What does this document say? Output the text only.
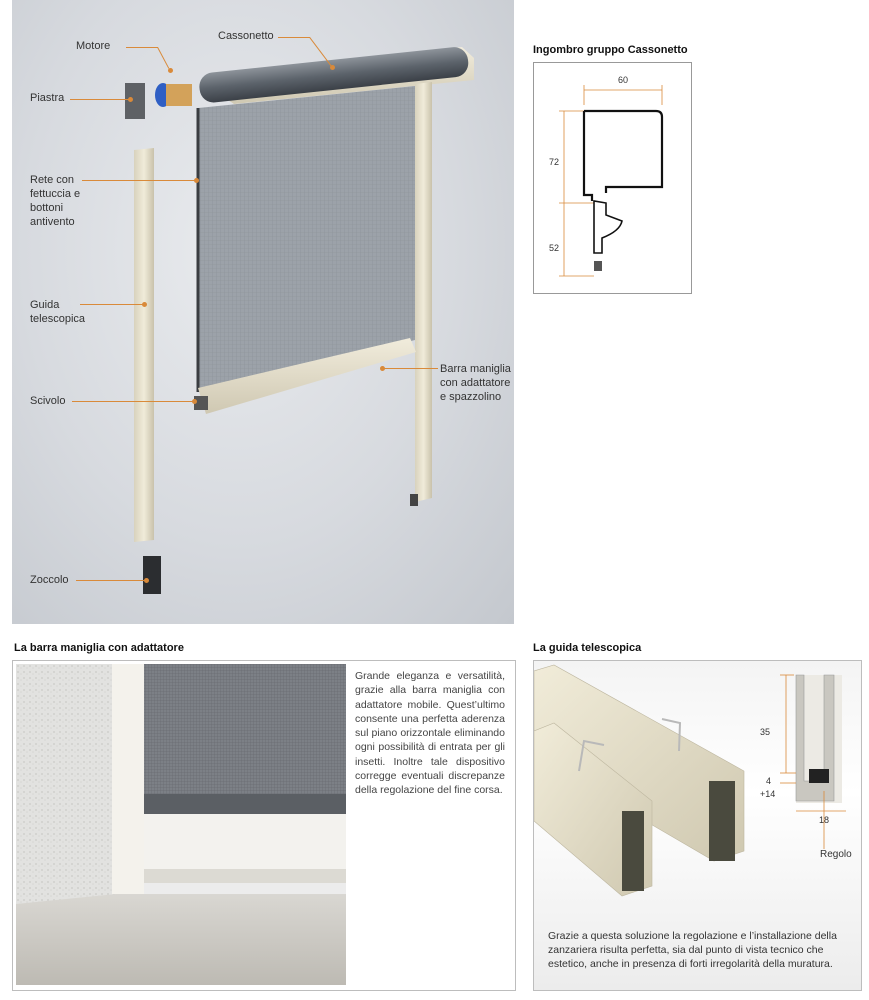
Motore
Cassonetto
Piastra
Rete con
fettuccia e
bottoni
antivento
Guida
telescopica
Scivolo
Barra maniglia
con adattatore
e spazzolino
Zoccolo
Ingombro gruppo Cassonetto
60
72
52
La barra maniglia con adattatore
Grande eleganza e versatilità, grazie alla barra maniglia con adattatore mobile. Quest’ultimo consente una perfetta aderenza sul piano orizzontale eliminando ogni possibilità di entrata per gli insetti. Inoltre tale dispositivo corregge eventuali discrepanze della regolazione del fine corsa.
La guida telescopica
35
4
+14
18
Regolo
Grazie a questa soluzione la regolazione e l’installazione della zanzariera risulta perfetta, sia dal punto di vista tecnico che estetico, anche in presenza di forti irregolarità della muratura.
